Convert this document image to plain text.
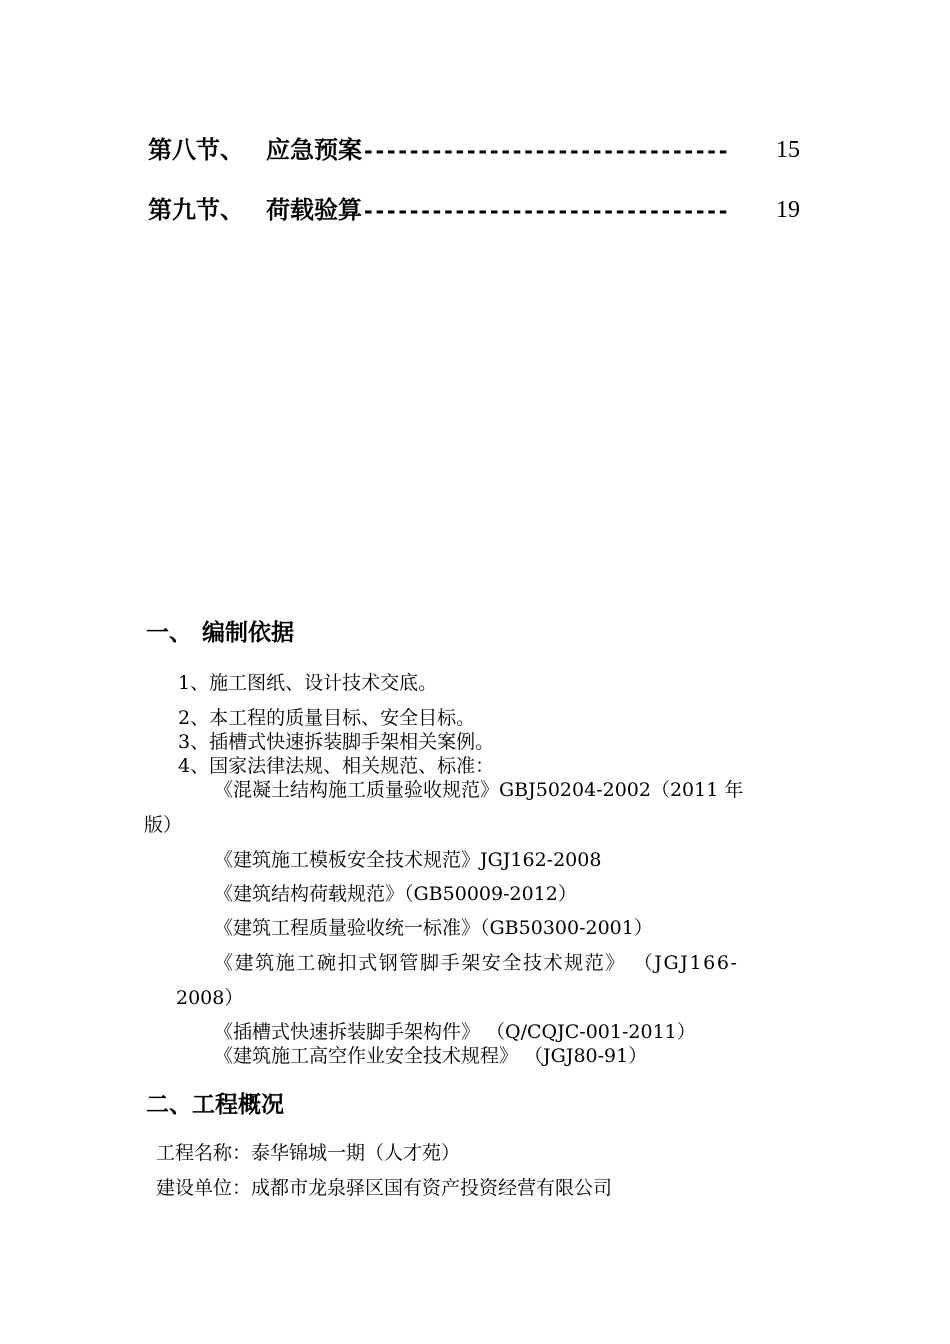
第八节、 应急预案-------------------------------- 15
第九节、 荷载验算-------------------------------- 19
一、 编制依据
1、施工图纸、设计技术交底。
2、本工程的质量目标、安全目标。
3、插槽式快速拆装脚手架相关案例。
4、国家法律法规、相关规范、标准：
《混凝土结构施工质量验收规范》GBJ50204-2002（2011 年
版）
《建筑施工模板安全技术规范》JGJ162-2008
《建筑结构荷载规范》（GB50009-2012）
《建筑工程质量验收统一标准》（GB50300-2001）
《建筑施工碗扣式钢管脚手架安全技术规范》 （JGJ166-
2008）
《插槽式快速拆装脚手架构件》 （Q/CQJC-001-2011）
《建筑施工高空作业安全技术规程》 （JGJ80-91）
二、工程概况
工程名称：泰华锦城一期（人才苑）
建设单位：成都市龙泉驿区国有资产投资经营有限公司
